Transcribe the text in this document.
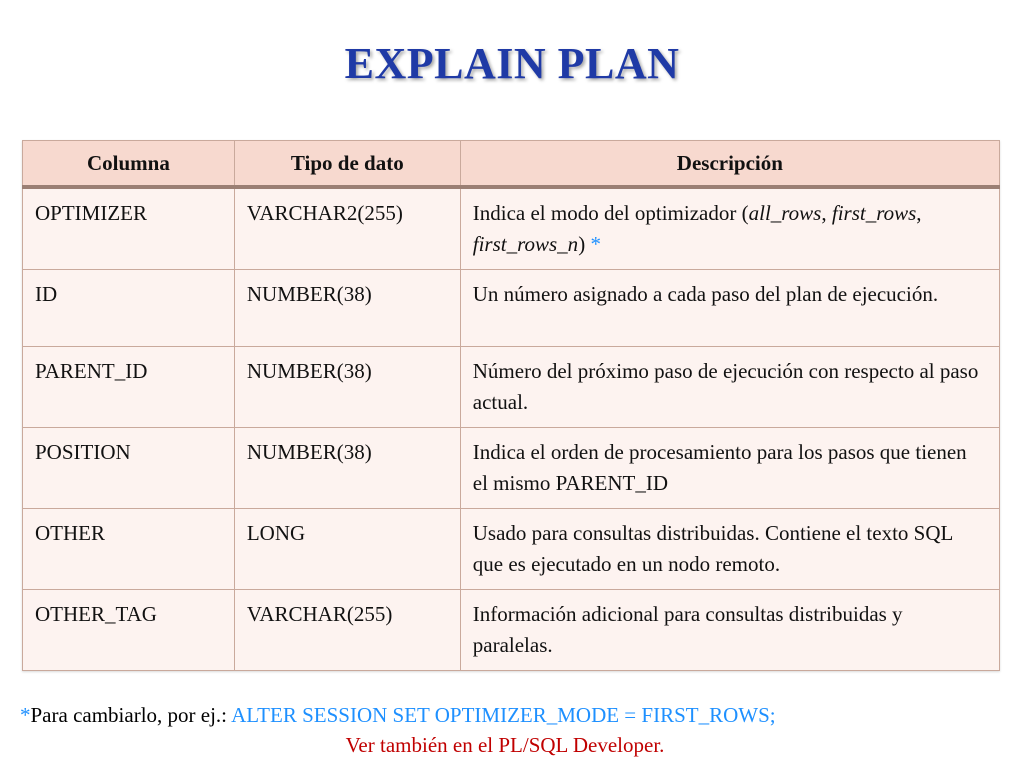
EXPLAIN PLAN
Columna	Tipo de dato	Descripción
OPTIMIZER	VARCHAR2(255)	Indica el modo del optimizador (all_rows, first_rows, first_rows_n) *
ID	NUMBER(38)	Un número asignado a cada paso del plan de ejecución.
PARENT_ID	NUMBER(38)	Número del próximo paso de ejecución con respecto al paso actual.
POSITION	NUMBER(38)	Indica el orden de procesamiento para los pasos que tienen el mismo PARENT_ID
OTHER	LONG	Usado para consultas distribuidas. Contiene el texto SQL que es ejecutado en un nodo remoto.
OTHER_TAG	VARCHAR(255)	Información adicional para consultas distribuidas y paralelas.
*Para cambiarlo, por ej.: ALTER SESSION SET OPTIMIZER_MODE = FIRST_ROWS;
Ver también en el PL/SQL Developer.
